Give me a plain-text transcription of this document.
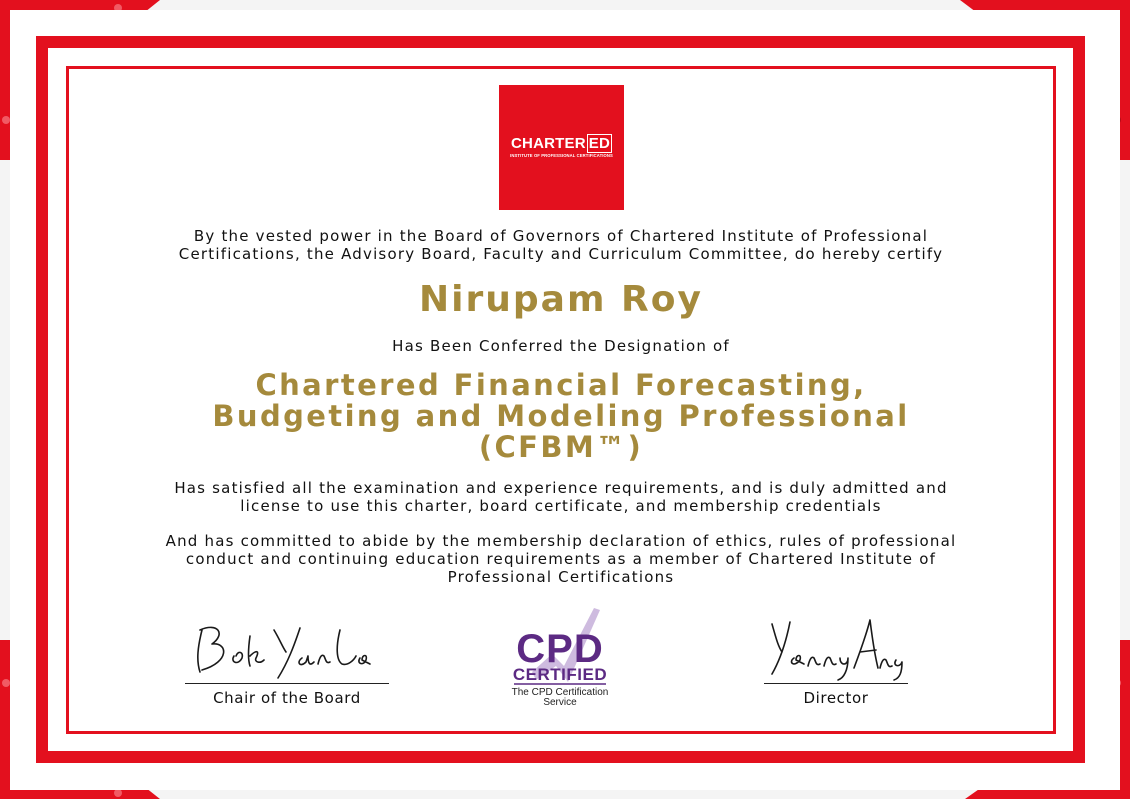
CHARTER ED
INSTITUTE OF PROFESSIONAL CERTIFICATIONS
By the vested power in the Board of Governors of Chartered Institute of Professional
Certifications, the Advisory Board, Faculty and Curriculum Committee, do hereby certify
Nirupam Roy
Has Been Conferred the Designation of
Chartered Financial Forecasting,
Budgeting and Modeling Professional
(CFBM™)
Has satisfied all the examination and experience requirements, and is duly admitted and
license to use this charter, board certificate, and membership credentials
And has committed to abide by the membership declaration of ethics, rules of professional
conduct and continuing education requirements as a member of Chartered Institute of
Professional Certifications
Chair of the Board
CPD
CERTIFIED
The CPD Certification
Service	Director
